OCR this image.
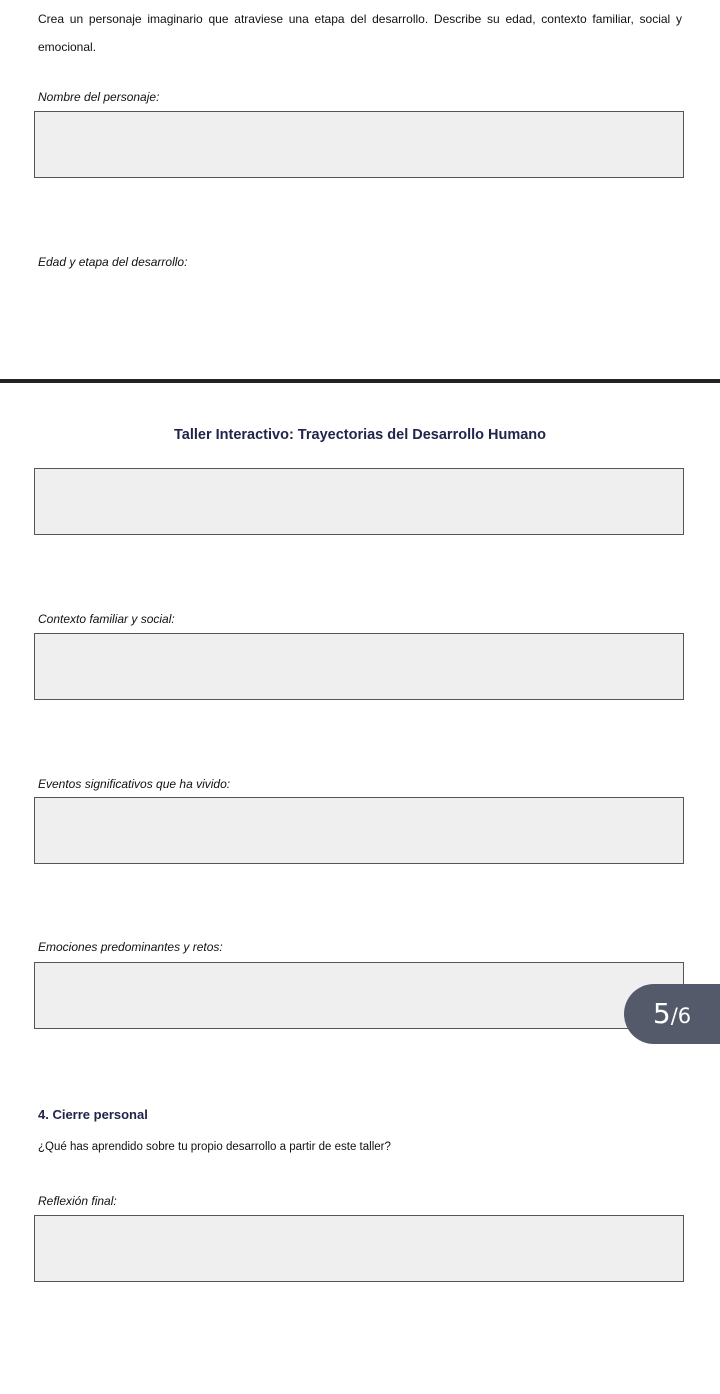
Crea un personaje imaginario que atraviese una etapa del desarrollo. Describe su edad, contexto familiar, social y emocional.
Nombre del personaje:
Edad y etapa del desarrollo:
Taller Interactivo: Trayectorias del Desarrollo Humano
Contexto familiar y social:
Eventos significativos que ha vivido:
Emociones predominantes y retos:
5 /6
4. Cierre personal
¿Qué has aprendido sobre tu propio desarrollo a partir de este taller?
Reflexión final:
